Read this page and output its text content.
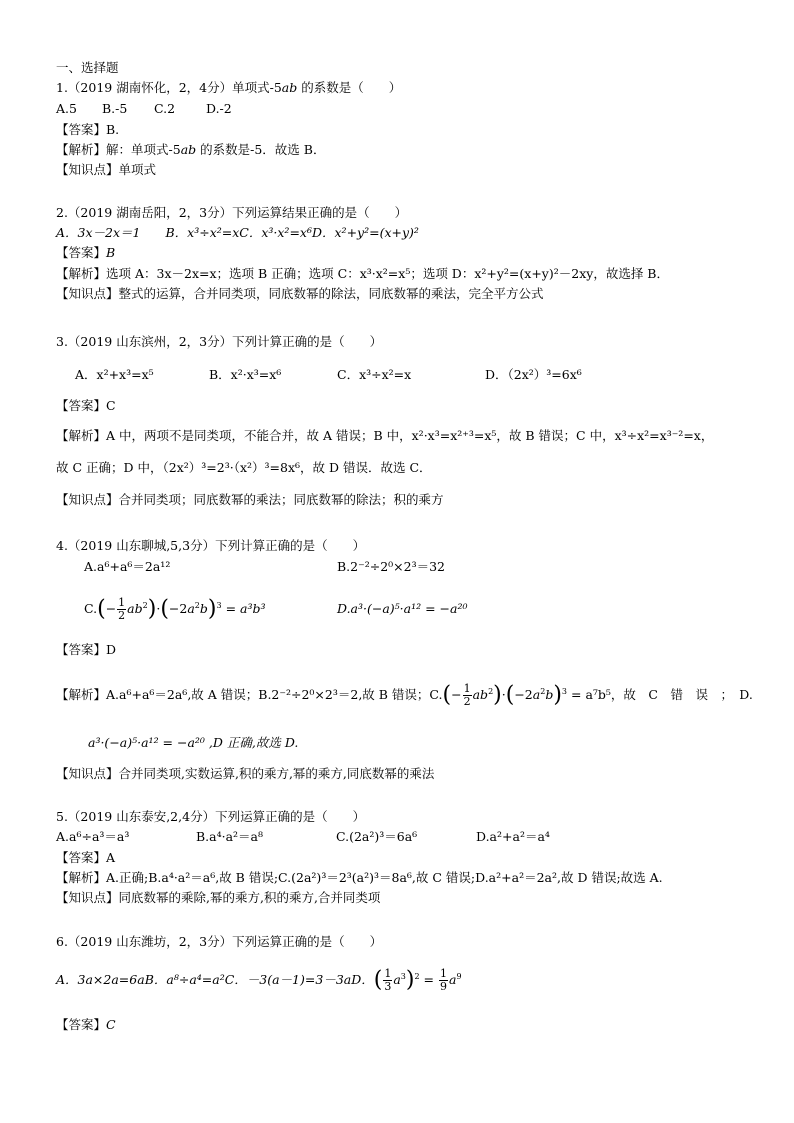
一、选择题
1.（2019 湖南怀化，2，4分）单项式-5ab 的系数是（　　）
A.5 B.-5 C.2 D.-2
【答案】B.
【解析】解：单项式-5ab 的系数是-5．故选 B．
【知识点】单项式
2.（2019 湖南岳阳，2，3分）下列运算结果正确的是（　　）
A．3x－2x＝1　　B．x³÷x²=xC．x³·x²=x⁶D．x²+y²=(x+y)²
【答案】B
【解析】选项 A：3x－2x=x；选项 B 正确；选项 C：x³·x²=x⁵；选项 D：x²+y²=(x+y)²－2xy，故选择 B．
【知识点】整式的运算，合并同类项，同底数幂的除法，同底数幂的乘法，完全平方公式
3.（2019 山东滨州，2，3分）下列计算正确的是（　　）
A．x²+x³=x⁵	B．x²·x³=x⁶	C．x³÷x²=x	D．（2x²）³=6x⁶
【答案】C
【解析】A 中，两项不是同类项，不能合并，故 A 错误；B 中，x²·x³=x²⁺³=x⁵，故 B 错误；C 中，x³÷x²=x³⁻²=x，
故 C 正确；D 中，（2x²）³=2³·（x²）³=8x⁶，故 D 错误．故选 C．
【知识点】合并同类项；同底数幂的乘法；同底数幂的除法；积的乘方
4.（2019 山东聊城,5,3分）下列计算正确的是（　　）
A.a⁶+a⁶＝2a¹²	B.2⁻²÷2⁰×2³＝32
$C.(- \frac{1}{2} ab^2)\cdot(-2a^2b)^3 = a^3b^3$	D.a³·(−a)⁵·a¹² = −a²⁰
【答案】D
【解析】A.a⁶+a⁶＝2a⁶,故 A 错误；B.2⁻²÷2⁰×2³＝2,故 B 错误；$C.(- \frac{1}{2} ab^2)\cdot(-2a^2b)^3 = a^7b^5$，故　C　错　误　；　D.
a³·(−a)⁵·a¹² = −a²⁰ ,D 正确,故选 D.
【知识点】合并同类项,实数运算,积的乘方,幂的乘方,同底数幂的乘法
5.（2019 山东泰安,2,4分）下列运算正确的是（　　）
A.a⁶÷a³＝a³	B.a⁴·a²＝a⁸	C.(2a²)³＝6a⁶	D.a²+a²＝a⁴
【答案】A
【解析】A.正确;B.a⁴·a²＝a⁶,故 B 错误;C.(2a²)³＝2³(a²)³＝8a⁶,故 C 错误;D.a²+a²＝2a²,故 D 错误;故选 A.
【知识点】同底数幂的乘除,幂的乘方,积的乘方,合并同类项
6.（2019 山东潍坊，2，3分）下列运算正确的是（　　）
A．3a×2a=6aB．a⁸÷a⁴=a²C．－3(a－1)=3－3aD．( $\frac{1}{3} a^3)^2 = \frac{1}{9} a^9$
【答案】C
